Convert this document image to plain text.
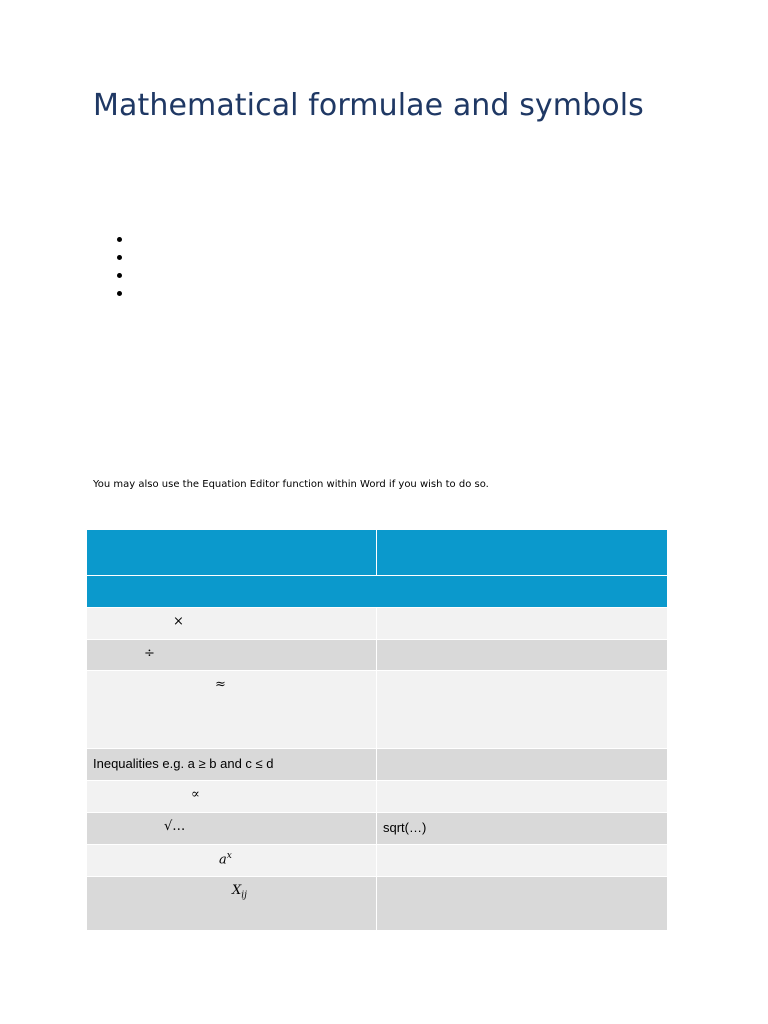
Mathematical formulae and symbols

You may also use the Equation Editor function within Word if you wish to do so.

×
÷
≈
Inequalities e.g. a ≥ b and c ≤ d
∝
√…	sqrt(…)
$a^x$
$X_{ij}$
